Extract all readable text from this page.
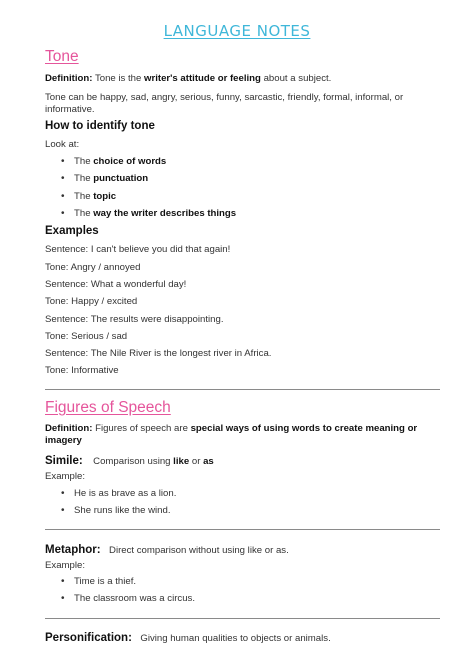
LANGUAGE NOTES
Tone
Definition: Tone is the writer's attitude or feeling about a subject.
Tone can be happy, sad, angry, serious, funny, sarcastic, friendly, formal, informal, or
informative.
How to identify tone
Look at:
• The choice of words
• The punctuation
• The topic
• The way the writer describes things
Examples
Sentence: I can't believe you did that again!
Tone: Angry / annoyed
Sentence: What a wonderful day!
Tone: Happy / excited
Sentence: The results were disappointing.
Tone: Serious / sad
Sentence: The Nile River is the longest river in Africa.
Tone: Informative
Figures of Speech
Definition: Figures of speech are special ways of using words to create meaning or
imagery
Simile: Comparison using like or as
Example:
• He is as brave as a lion.
• She runs like the wind.
Metaphor: Direct comparison without using like or as.
Example:
• Time is a thief.
• The classroom was a circus.
Personification: Giving human qualities to objects or animals.
